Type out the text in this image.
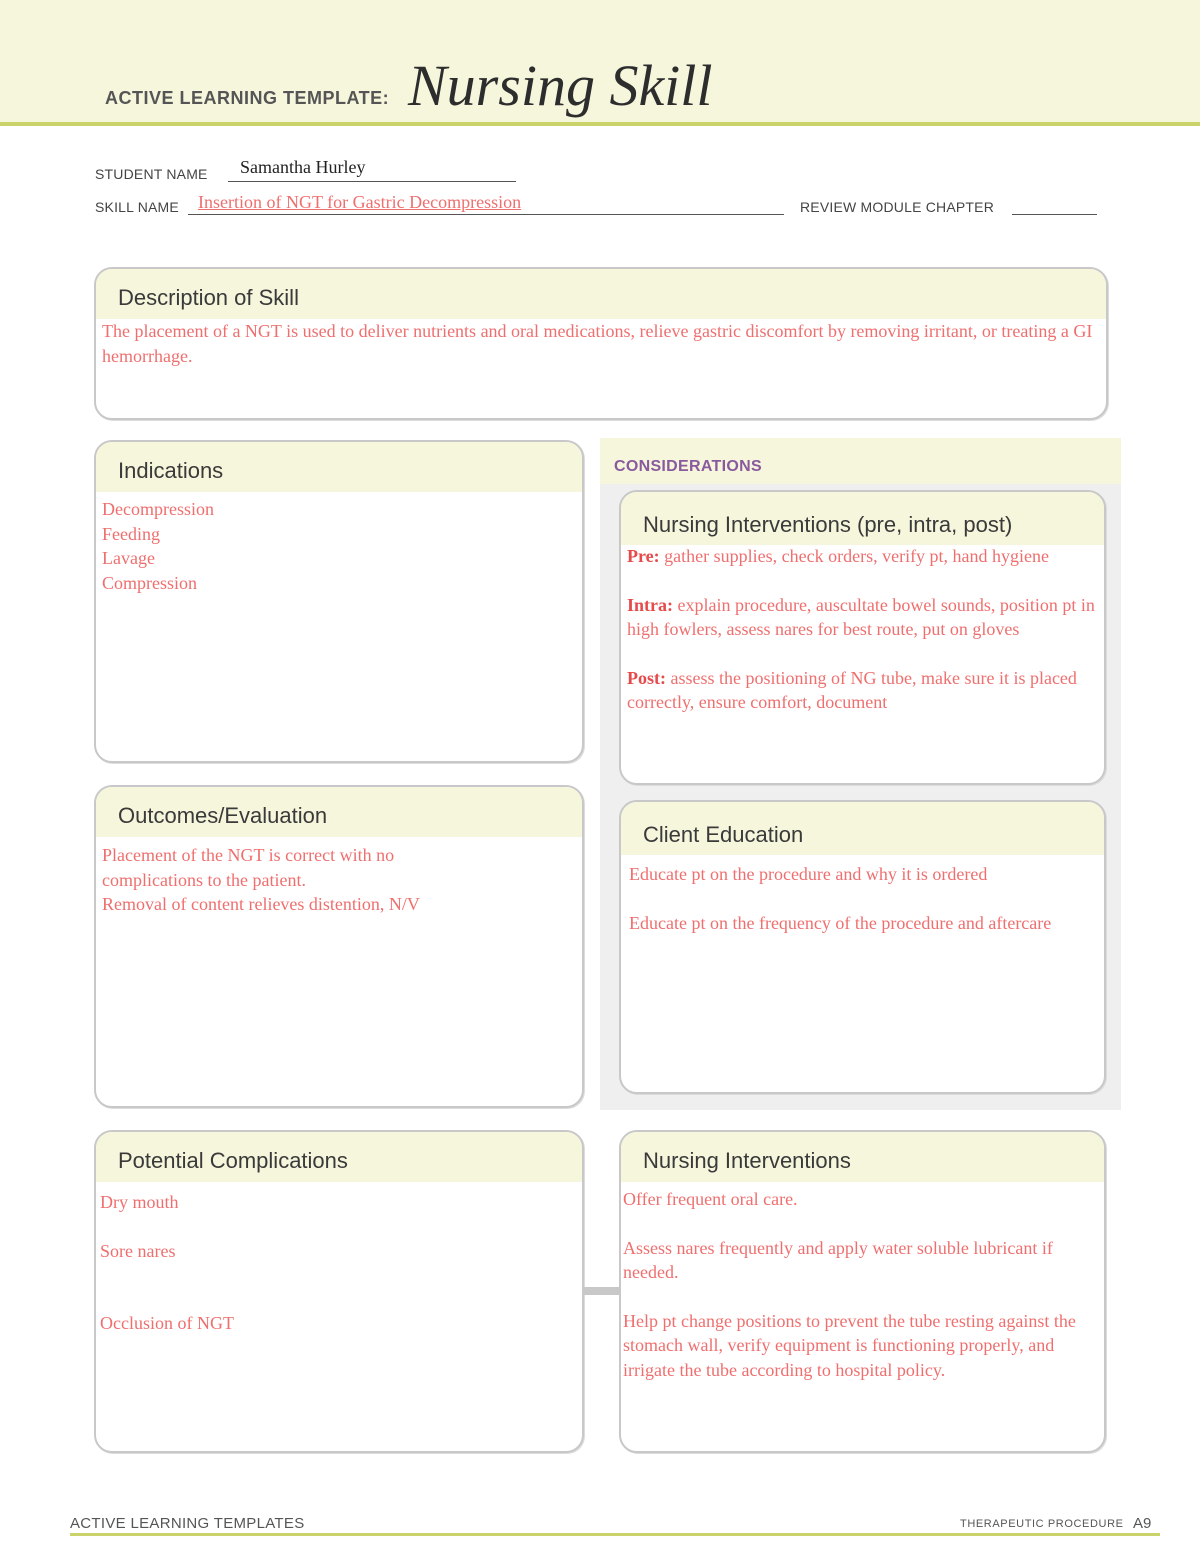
ACTIVE LEARNING TEMPLATE: Nursing Skill
STUDENT NAME Samantha Hurley
SKILL NAME Insertion of NGT for Gastric Decompression	REVIEW MODULE CHAPTER
Description of Skill

The placement of a NGT is used to deliver nutrients and oral medications, relieve gastric discomfort by removing irritant, or treating a GI hemorrhage.

CONSIDERATIONS
Indications

Decompression

Feeding

Lavage

Compression

Nursing Interventions (pre, intra, post)

Pre: gather supplies, check orders, verify pt, hand hygiene

Intra: explain procedure, auscultate bowel sounds, position pt in high fowlers, assess nares for best route, put on gloves

Post: assess the positioning of NG tube, make sure it is placed correctly, ensure comfort, document

Outcomes/Evaluation

Placement of the NGT is correct with no complications to the patient.

Removal of content relieves distention, N/V

Client Education

Educate pt on the procedure and why it is ordered

Educate pt on the frequency of the procedure and aftercare

Potential Complications

Dry mouth

Sore nares

Occlusion of NGT

Nursing Interventions

Offer frequent oral care.

Assess nares frequently and apply water soluble lubricant if needed.

Help pt change positions to prevent the tube resting against the stomach wall, verify equipment is functioning properly, and irrigate the tube according to hospital policy.

ACTIVE LEARNING TEMPLATES	THERAPEUTIC PROCEDURE A9
